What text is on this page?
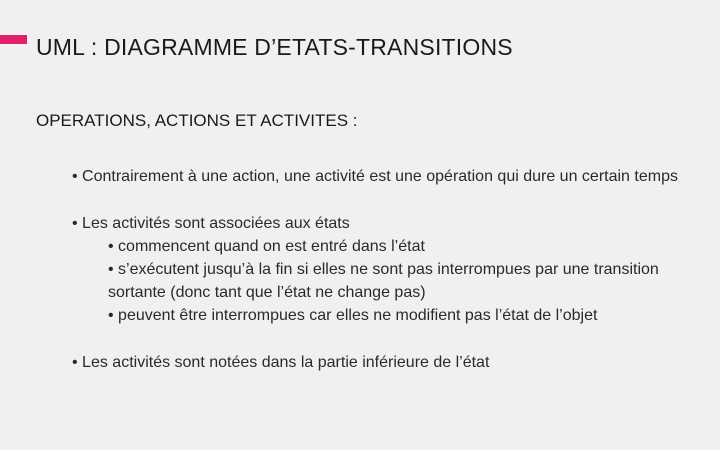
UML : DIAGRAMME D’ETATS-TRANSITIONS
OPERATIONS, ACTIONS ET ACTIVITES :

• Contrairement à une action, une activité est une opération qui dure un certain temps

• Les activités sont associées aux états

• commencent quand on est entré dans l’état

• s’exécutent jusqu’à la fin si elles ne sont pas interrompues par une transition sortante (donc tant que l’état ne change pas)

• peuvent être interrompues car elles ne modifient pas l’état de l’objet

• Les activités sont notées dans la partie inférieure de l’état
